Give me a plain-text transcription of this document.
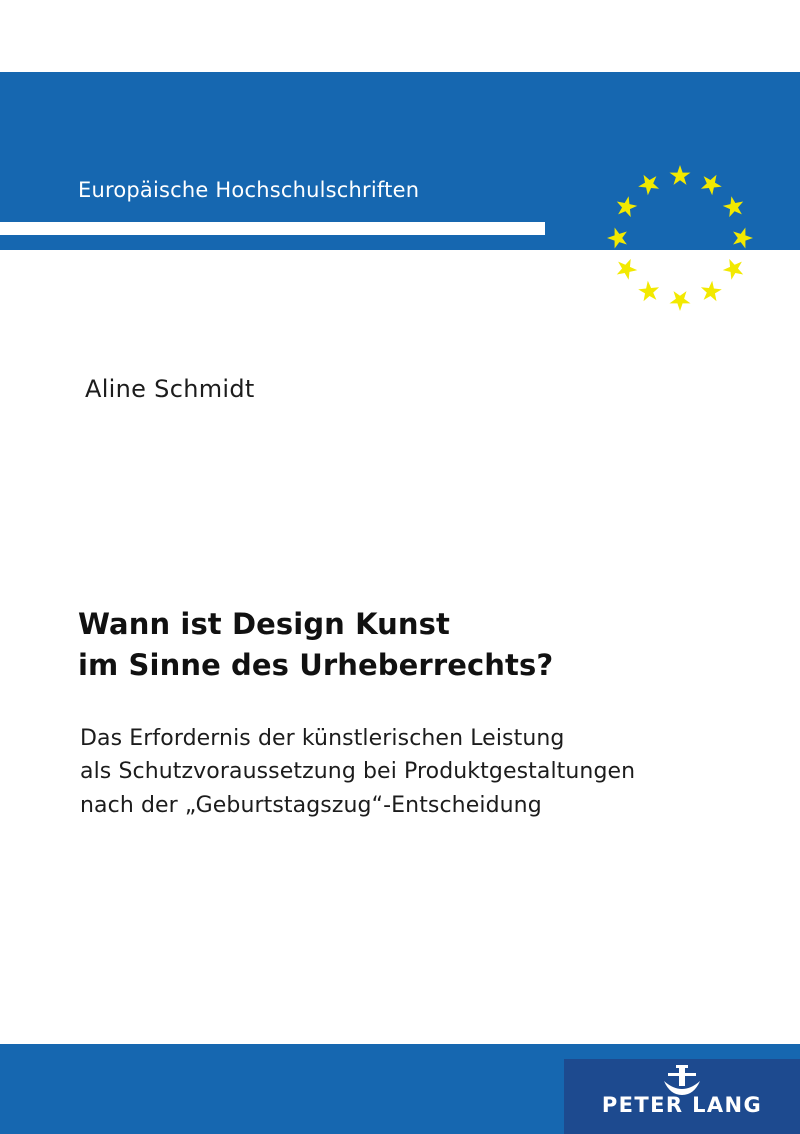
Europäische Hochschulschriften
Recht
Aline Schmidt
Wann ist Design Kunst
im Sinne des Urheberrechts?
Das Erfordernis der künstlerischen Leistung
als Schutzvoraussetzung bei Produktgestaltungen
nach der „Geburtstagszug“-Entscheidung
PETER LANG
